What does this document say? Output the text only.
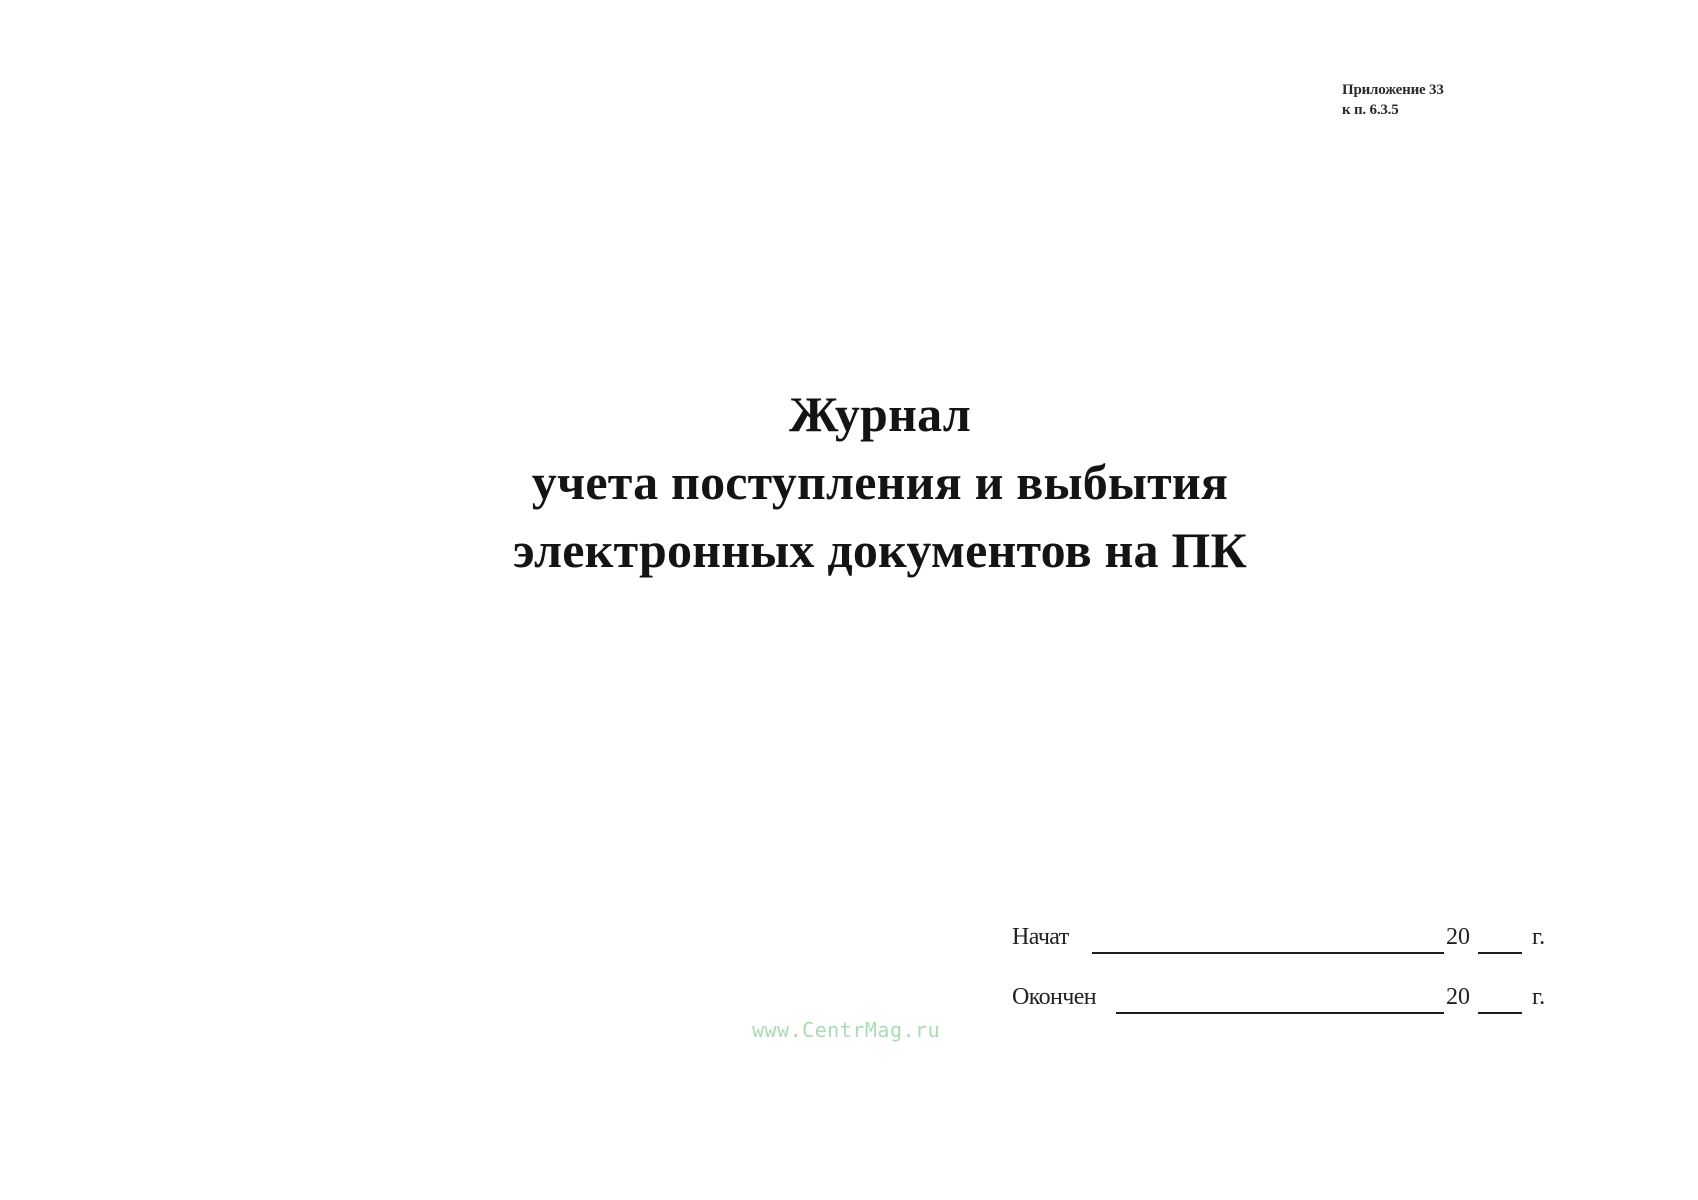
Приложение 33
к п. 6.3.5
Журнал
учета поступления и выбытия
электронных документов на ПК
Начат	20	г.
Окончен	20	г.
www.CentrMag.ru
